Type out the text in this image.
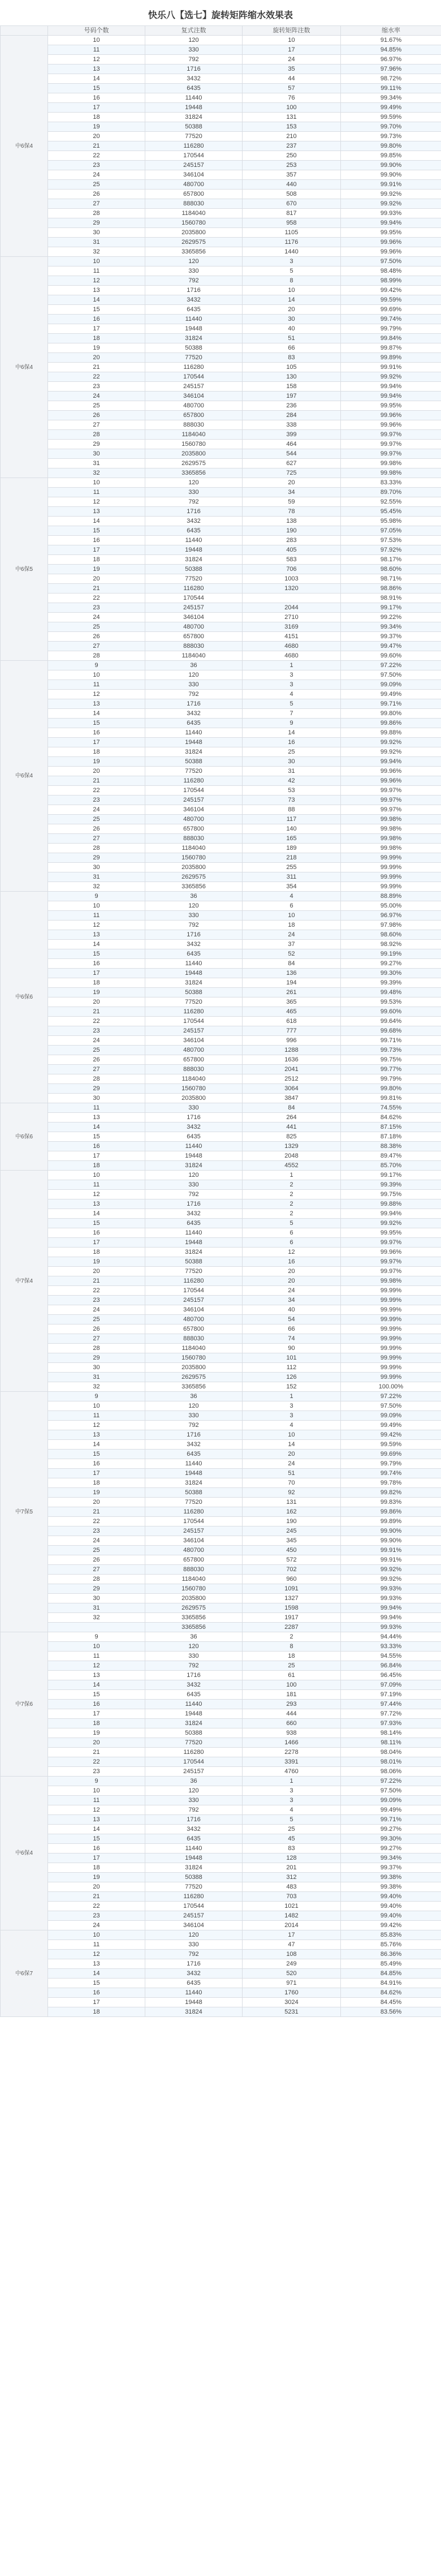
快乐八【选七】旋转矩阵缩水效果表
	号码个数	复式注数	旋转矩阵注数	缩水率
中6保4	10	120	10	91.67%
	11	330	17	94.85%
	12	792	24	96.97%
	13	1716	35	97.96%
	14	3432	44	98.72%
	15	6435	57	99.11%
	16	11440	76	99.34%
	17	19448	100	99.49%
	18	31824	131	99.59%
	19	50388	153	99.70%
	20	77520	210	99.73%
	21	116280	237	99.80%
	22	170544	250	99.85%
	23	245157	253	99.90%
	24	346104	357	99.90%
	25	480700	440	99.91%
	26	657800	508	99.92%
	27	888030	670	99.92%
	28	1184040	817	99.93%
	29	1560780	958	99.94%
	30	2035800	1105	99.95%
	31	2629575	1176	99.96%
	32	3365856	1440	99.96%
中6保4	10	120	3	97.50%
	11	330	5	98.48%
	12	792	8	98.99%
	13	1716	10	99.42%
	14	3432	14	99.59%
	15	6435	20	99.69%
	16	11440	30	99.74%
	17	19448	40	99.79%
	18	31824	51	99.84%
	19	50388	66	99.87%
	20	77520	83	99.89%
	21	116280	105	99.91%
	22	170544	130	99.92%
	23	245157	158	99.94%
	24	346104	197	99.94%
	25	480700	236	99.95%
	26	657800	284	99.96%
	27	888030	338	99.96%
	28	1184040	399	99.97%
	29	1560780	464	99.97%
	30	2035800	544	99.97%
	31	2629575	627	99.98%
	32	3365856	725	99.98%
中6保5	10	120	20	83.33%
	11	330	34	89.70%
	12	792	59	92.55%
	13	1716	78	95.45%
	14	3432	138	95.98%
	15	6435	190	97.05%
	16	11440	283	97.53%
	17	19448	405	97.92%
	18	31824	583	98.17%
	19	50388	706	98.60%
	20	77520	1003	98.71%
	21	116280	1320	98.86%
	22	170544		98.91%
	23	245157	2044	99.17%
	24	346104	2710	99.22%
	25	480700	3169	99.34%
	26	657800	4151	99.37%
	27	888030	4680	99.47%
	28	1184040	4680	99.60%
中6保4	9	36	1	97.22%
	10	120	3	97.50%
	11	330	3	99.09%
	12	792	4	99.49%
	13	1716	5	99.71%
	14	3432	7	99.80%
	15	6435	9	99.86%
	16	11440	14	99.88%
	17	19448	16	99.92%
	18	31824	25	99.92%
	19	50388	30	99.94%
	20	77520	31	99.96%
	21	116280	42	99.96%
	22	170544	53	99.97%
	23	245157	73	99.97%
	24	346104	88	99.97%
	25	480700	117	99.98%
	26	657800	140	99.98%
	27	888030	165	99.98%
	28	1184040	189	99.98%
	29	1560780	218	99.99%
	30	2035800	255	99.99%
	31	2629575	311	99.99%
	32	3365856	354	99.99%
中6保6	9	36	4	88.89%
	10	120	6	95.00%
	11	330	10	96.97%
	12	792	18	97.98%
	13	1716	24	98.60%
	14	3432	37	98.92%
	15	6435	52	99.19%
	16	11440	84	99.27%
	17	19448	136	99.30%
	18	31824	194	99.39%
	19	50388	261	99.48%
	20	77520	365	99.53%
	21	116280	465	99.60%
	22	170544	618	99.64%
	23	245157	777	99.68%
	24	346104	996	99.71%
	25	480700	1288	99.73%
	26	657800	1636	99.75%
	27	888030	2041	99.77%
	28	1184040	2512	99.79%
	29	1560780	3064	99.80%
	30	2035800	3847	99.81%
中6保6	11	330	84	74.55%
	13	1716	264	84.62%
	14	3432	441	87.15%
	15	6435	825	87.18%
	16	11440	1329	88.38%
	17	19448	2048	89.47%
	18	31824	4552	85.70%
中7保4	10	120	1	99.17%
	11	330	2	99.39%
	12	792	2	99.75%
	13	1716	2	99.88%
	14	3432	2	99.94%
	15	6435	5	99.92%
	16	11440	6	99.95%
	17	19448	6	99.97%
	18	31824	12	99.96%
	19	50388	16	99.97%
	20	77520	20	99.97%
	21	116280	20	99.98%
	22	170544	24	99.99%
	23	245157	34	99.99%
	24	346104	40	99.99%
	25	480700	54	99.99%
	26	657800	66	99.99%
	27	888030	74	99.99%
	28	1184040	90	99.99%
	29	1560780	101	99.99%
	30	2035800	112	99.99%
	31	2629575	126	99.99%
	32	3365856	152	100.00%
中7保5	9	36	1	97.22%
	10	120	3	97.50%
	11	330	3	99.09%
	12	792	4	99.49%
	13	1716	10	99.42%
	14	3432	14	99.59%
	15	6435	20	99.69%
	16	11440	24	99.79%
	17	19448	51	99.74%
	18	31824	70	99.78%
	19	50388	92	99.82%
	20	77520	131	99.83%
	21	116280	162	99.86%
	22	170544	190	99.89%
	23	245157	245	99.90%
	24	346104	345	99.90%
	25	480700	450	99.91%
	26	657800	572	99.91%
	27	888030	702	99.92%
	28	1184040	960	99.92%
	29	1560780	1091	99.93%
	30	2035800	1327	99.93%
	31	2629575	1598	99.94%
	32	3365856	1917	99.94%
		3365856	2287	99.93%
中7保6	9	36	2	94.44%
	10	120	8	93.33%
	11	330	18	94.55%
	12	792	25	96.84%
	13	1716	61	96.45%
	14	3432	100	97.09%
	15	6435	181	97.19%
	16	11440	293	97.44%
	17	19448	444	97.72%
	18	31824	660	97.93%
	19	50388	938	98.14%
	20	77520	1466	98.11%
	21	116280	2278	98.04%
	22	170544	3391	98.01%
	23	245157	4760	98.06%
中6保4	9	36	1	97.22%
	10	120	3	97.50%
	11	330	3	99.09%
	12	792	4	99.49%
	13	1716	5	99.71%
	14	3432	25	99.27%
	15	6435	45	99.30%
	16	11440	83	99.27%
	17	19448	128	99.34%
	18	31824	201	99.37%
	19	50388	312	99.38%
	20	77520	483	99.38%
	21	116280	703	99.40%
	22	170544	1021	99.40%
	23	245157	1482	99.40%
	24	346104	2014	99.42%
中6保7	10	120	17	85.83%
	11	330	47	85.76%
	12	792	108	86.36%
	13	1716	249	85.49%
	14	3432	520	84.85%
	15	6435	971	84.91%
	16	11440	1760	84.62%
	17	19448	3024	84.45%
	18	31824	5231	83.56%
